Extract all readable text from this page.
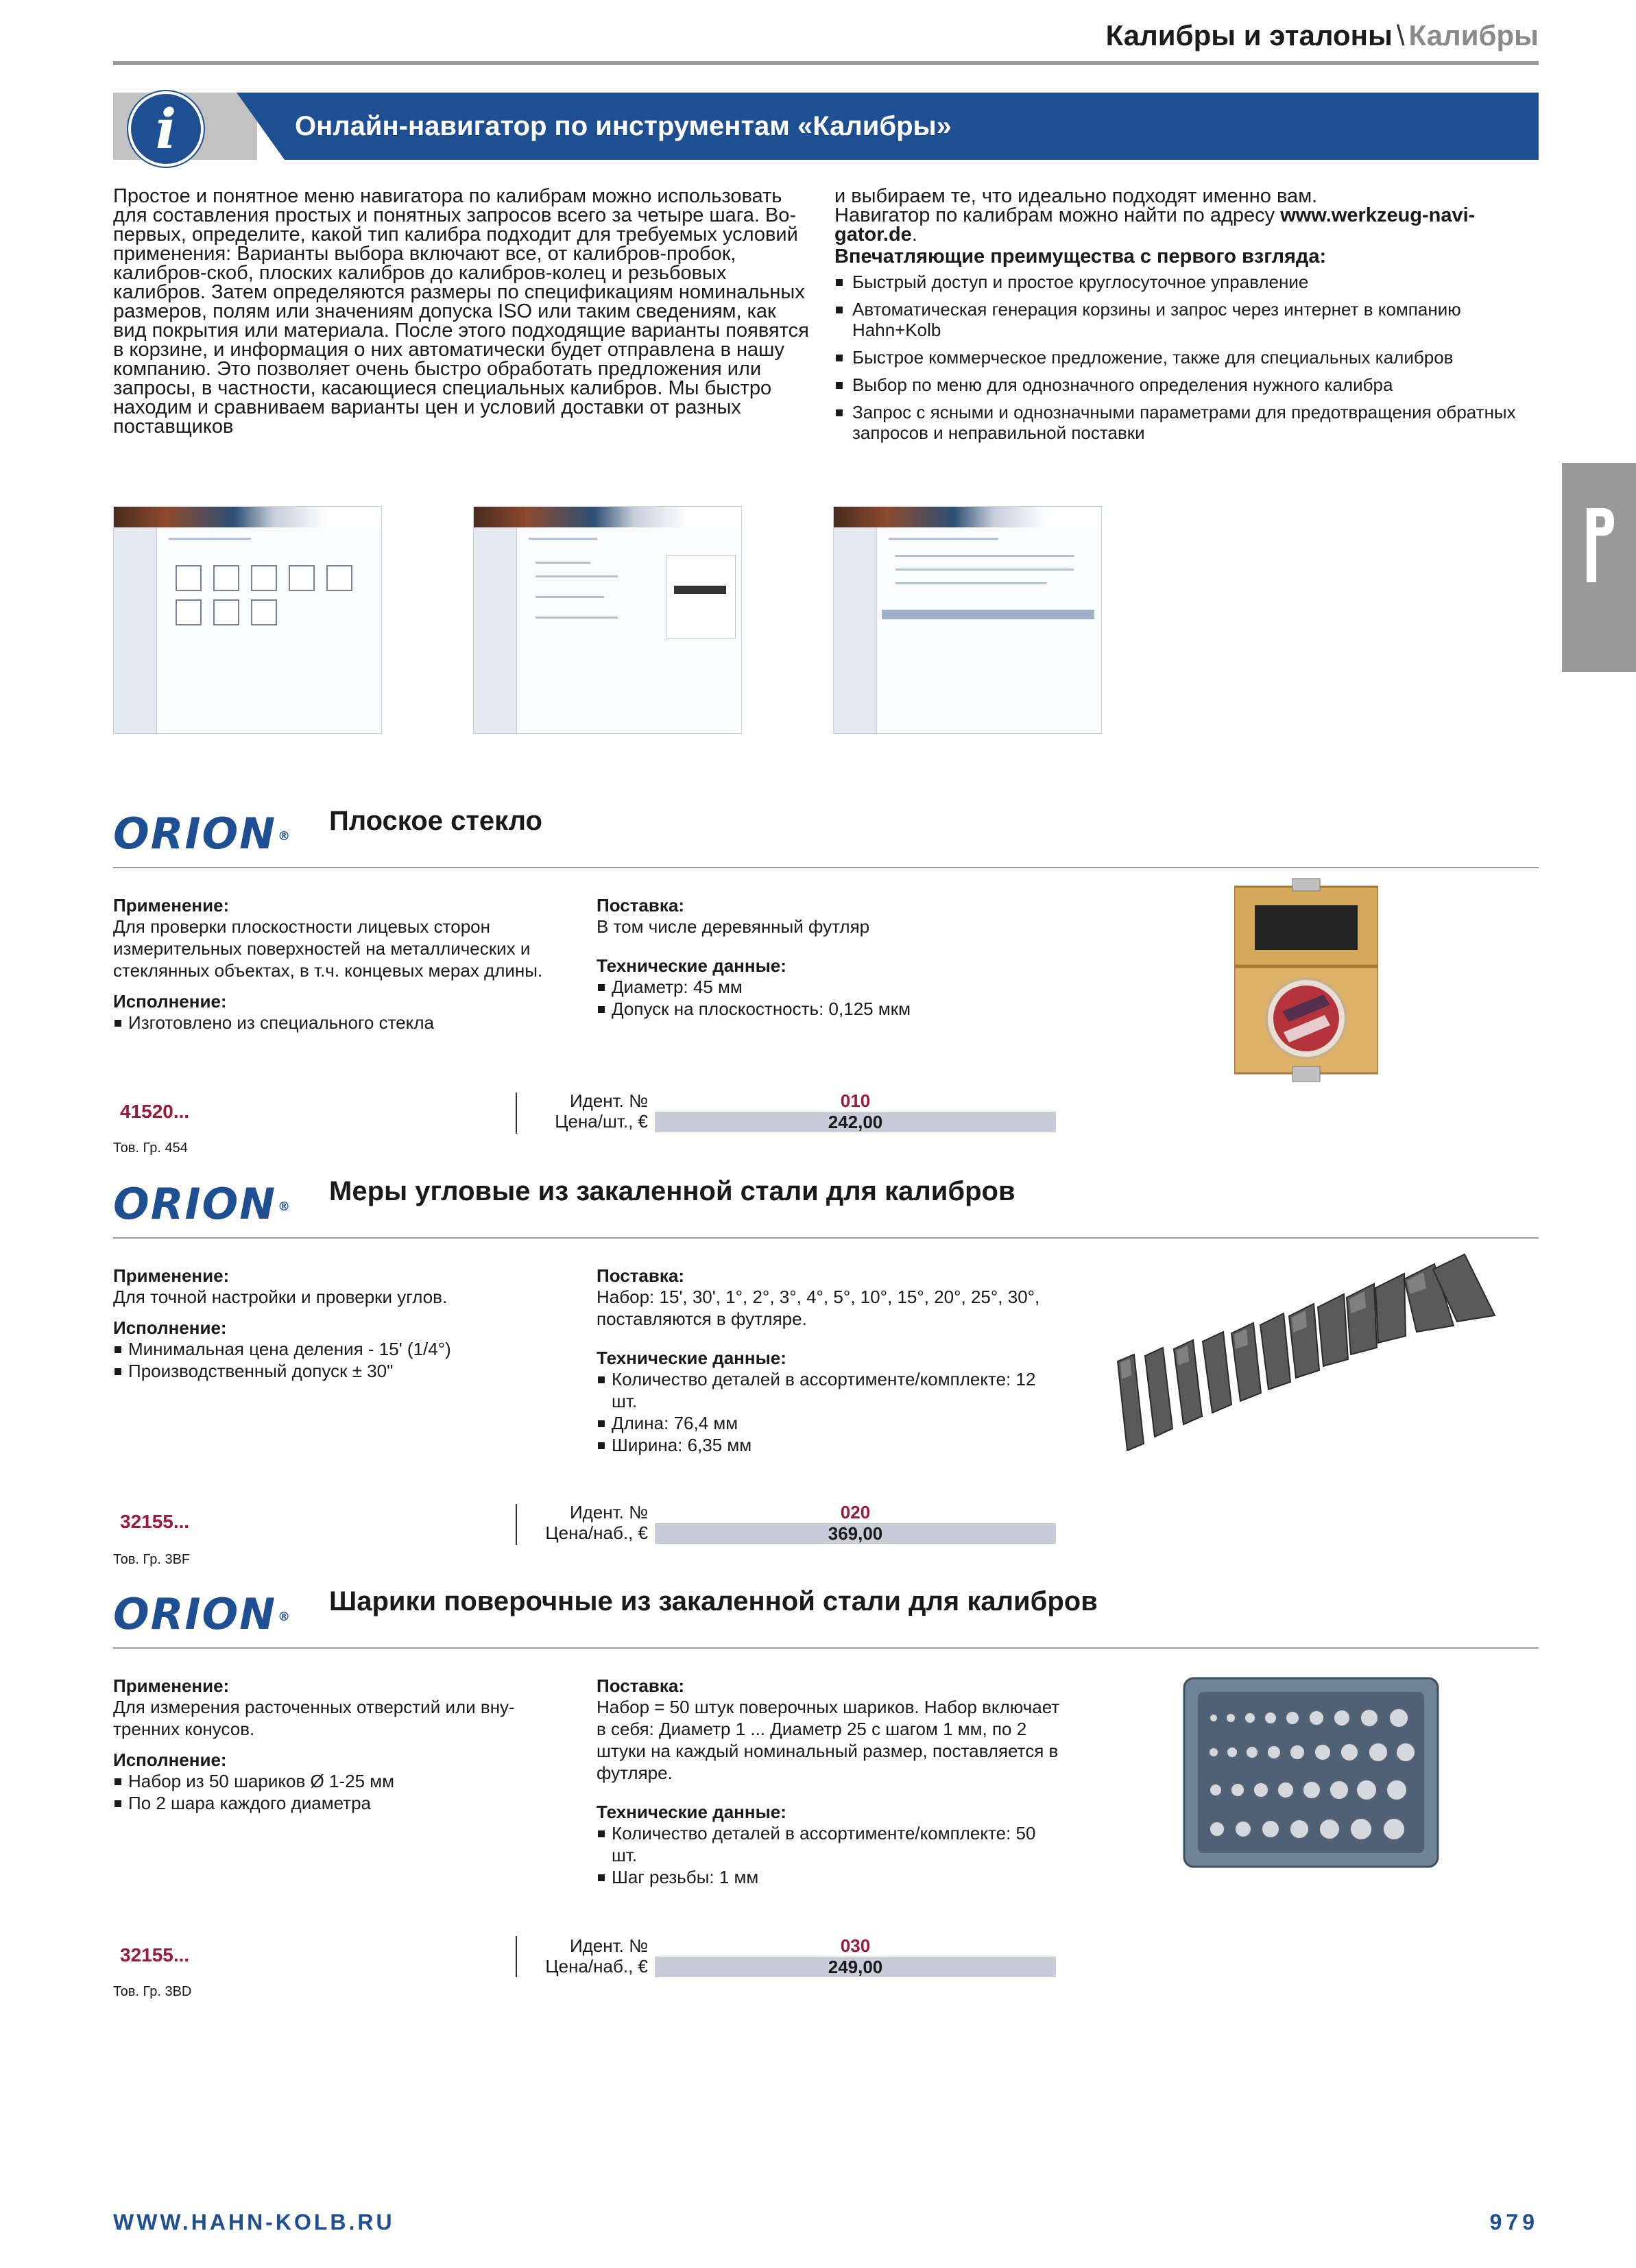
Калибры и эталоны \ Калибры
i	Онлайн-навигатор по инструментам «Калибры»
Простое и понятное меню навигатора по калибрам можно использовать для составления простых и понятных запросов всего за четыре шага. Во-первых, определите, какой тип калибра подходит для требуемых условий применения: Варианты выбора включают все, от калибров-пробок, калибров-скоб, плоских калибров до калибров-колец и резьбовых калибров. Затем определяются размеры по спецификациям номинальных размеров, полям или значениям допуска ISO или таким сведениям, как вид покрытия или материала. После этого подходящие варианты появятся в корзине, и информация о них автоматически будет отправлена в нашу компанию. Это позволяет очень быстро обработать предложения или запросы, в частности, касающиеся специальных калибров. Мы быстро находим и сравниваем варианты цен и условий доставки от разных поставщиков
и выбираем те, что идеально подходят именно вам.
Навигатор по калибрам можно найти по адресу www.werkzeug-navi-gator.de.
Впечатляющие преимущества с первого взгляда:
Быстрый доступ и простое круглосуточное управление
Автоматическая генерация корзины и запрос через интернет в компанию Hahn+Kolb
Быстрое коммерческое предложение, также для специальных калибров
Выбор по меню для однозначного определения нужного калибра
Запрос с ясными и однозначными параметрами для предотвращения обратных запросов и неправильной поставки
ORION ®
Плоское стекло
Применение:
Для проверки плоскостности лицевых сторон измерительных поверхностей на металлических и стеклянных объектах, в т.ч. концевых мерах длины.
Исполнение:
Изготовлено из специального стекла
Поставка:
В том числе деревянный футляр
Технические данные:
Диаметр: 45 мм
Допуск на плоскостность: 0,125 мкм
41520...
Тов. Гр. 454
Идент. №
Цена/шт., €
010
242,00
ORION ®
Меры угловые из закаленной стали для калибров
Применение:
Для точной настройки и проверки углов.
Исполнение:
Минимальная цена деления - 15' (1/4°)
Производственный допуск ± 30"
Поставка:
Набор: 15', 30', 1°, 2°, 3°, 4°, 5°, 10°, 15°, 20°, 25°, 30°, поставляются в футляре.
Технические данные:
Количество деталей в ассортименте/комплекте: 12 шт.
Длина: 76,4 мм
Ширина: 6,35 мм
32155...
Тов. Гр. 3BF
Идент. №
Цена/наб., €
020
369,00
ORION ®
Шарики поверочные из закаленной стали для калибров
Применение:
Для измерения расточенных отверстий или вну-тренних конусов.
Исполнение:
Набор из 50 шариков Ø 1-25 мм
По 2 шара каждого диаметра
Поставка:
Набор = 50 штук поверочных шариков. Набор включает в себя: Диаметр 1 ... Диаметр 25 с шагом 1 мм, по 2 штуки на каждый номинальный размер, поставляется в футляре.
Технические данные:
Количество деталей в ассортименте/комплекте: 50 шт.
Шаг резьбы: 1 мм
32155...
Тов. Гр. 3BD
Идент. №
Цена/наб., €
030
249,00
WWW.HAHN-KOLB.RU	979
